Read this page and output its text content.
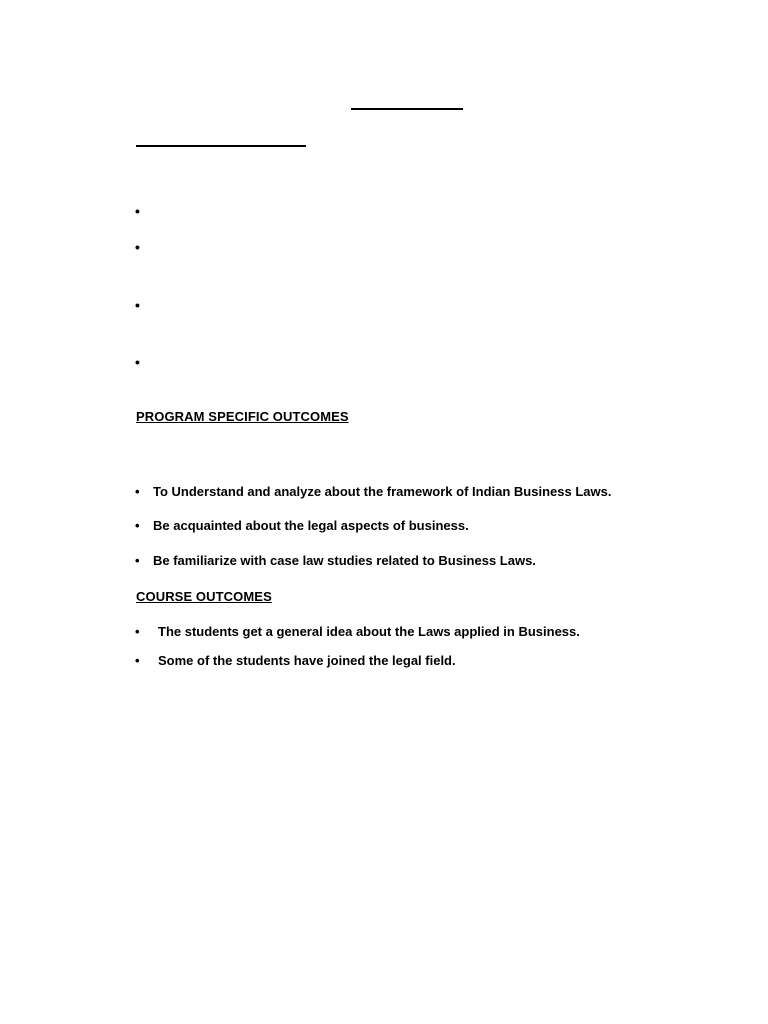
•
•
•
•
PROGRAM SPECIFIC OUTCOMES
• To Understand and analyze about the framework of Indian Business Laws.
• Be acquainted about the legal aspects of business.
• Be familiarize with case law studies related to Business Laws.
COURSE OUTCOMES
• The students get a general idea about the Laws applied in Business.
• Some of the students have joined the legal field.
